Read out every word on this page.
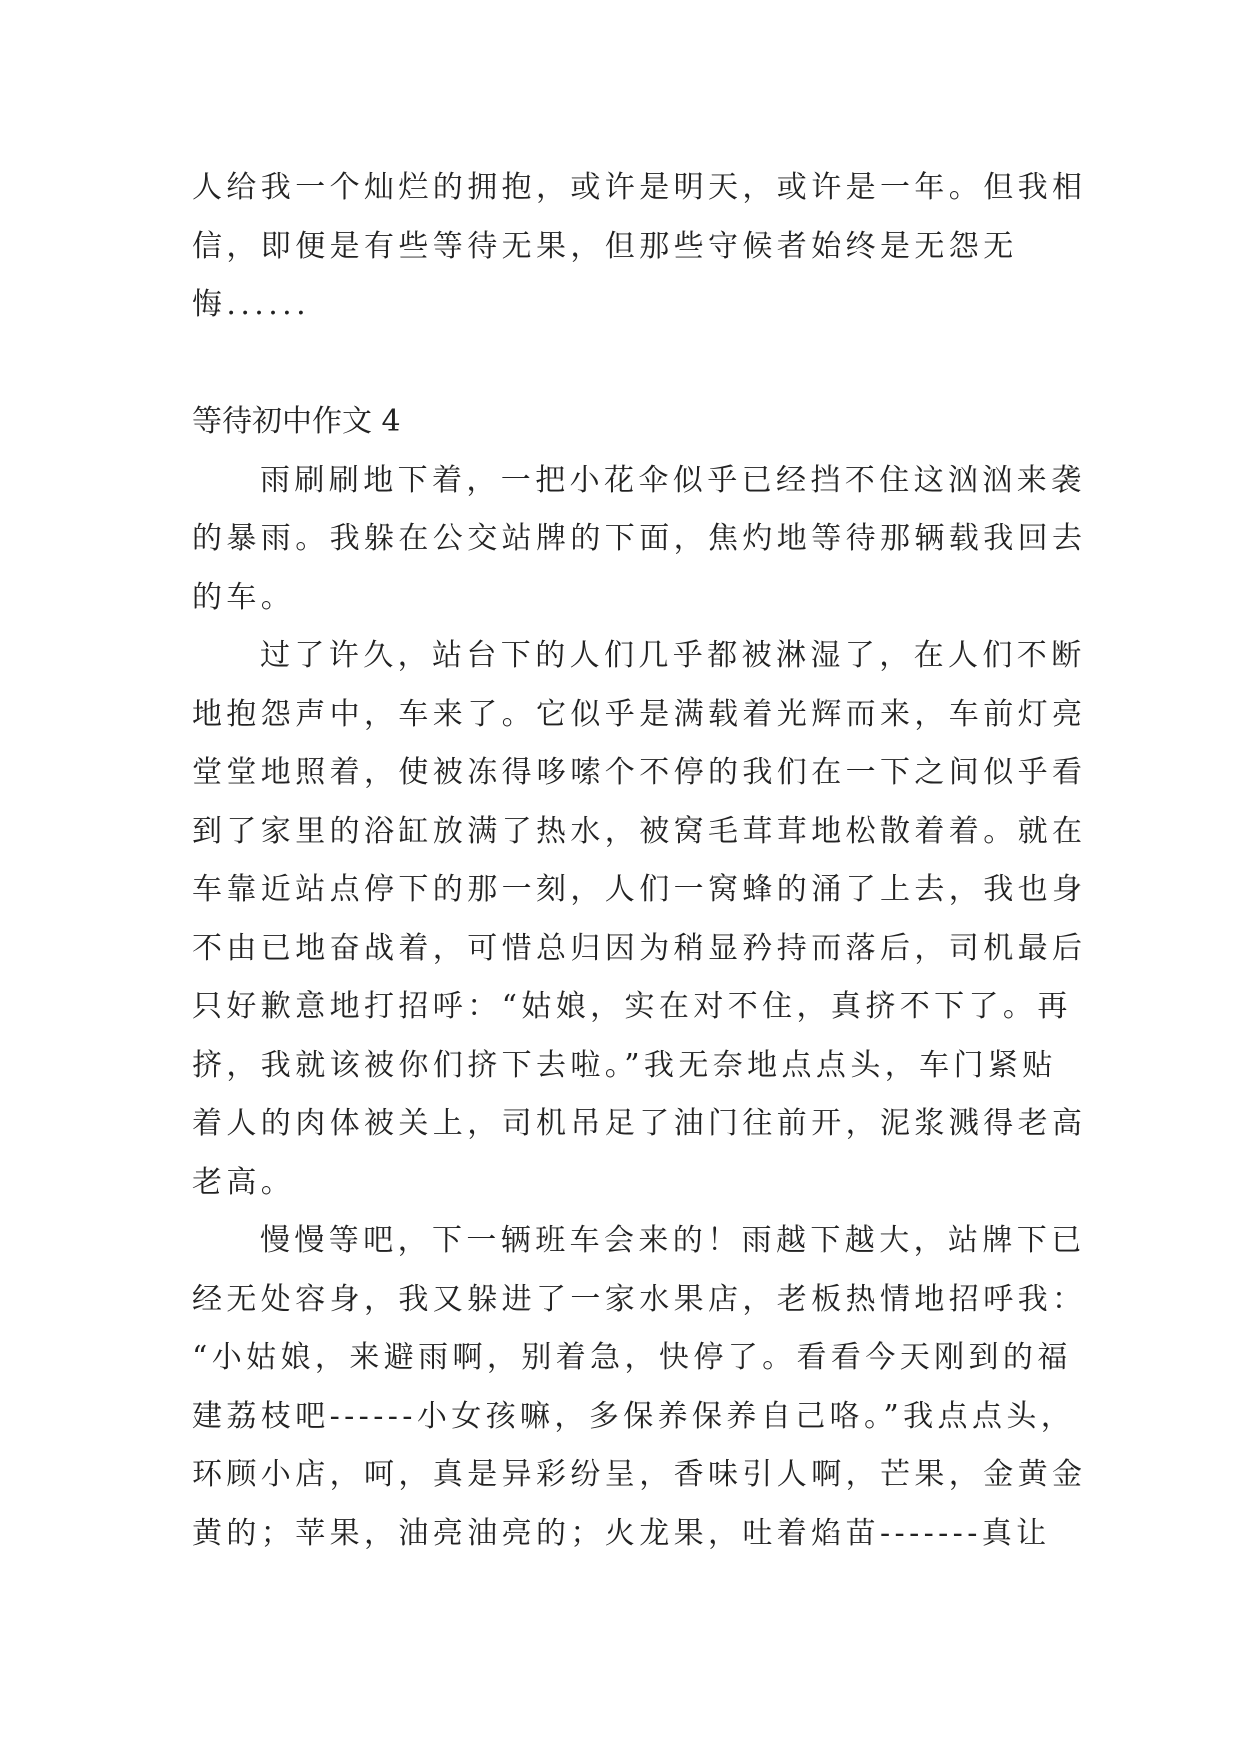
人给我一个灿烂的拥抱，或许是明天，或许是一年。但我相
信，即便是有些等待无果，但那些守候者始终是无怨无
悔......
等待初中作文 4
雨刷刷地下着，一把小花伞似乎已经挡不住这汹汹来袭
的暴雨。我躲在公交站牌的下面，焦灼地等待那辆载我回去
的车。
过了许久，站台下的人们几乎都被淋湿了，在人们不断
地抱怨声中，车来了。它似乎是满载着光辉而来，车前灯亮
堂堂地照着，使被冻得哆嗦个不停的我们在一下之间似乎看
到了家里的浴缸放满了热水，被窝毛茸茸地松散着着。就在
车靠近站点停下的那一刻，人们一窝蜂的涌了上去，我也身
不由已地奋战着，可惜总归因为稍显矜持而落后，司机最后
只好歉意地打招呼：“姑娘，实在对不住，真挤不下了。再
挤，我就该被你们挤下去啦。”我无奈地点点头，车门紧贴
着人的肉体被关上，司机吊足了油门往前开，泥浆溅得老高
老高。
慢慢等吧，下一辆班车会来的！雨越下越大，站牌下已
经无处容身，我又躲进了一家水果店，老板热情地招呼我：
“小姑娘，来避雨啊，别着急，快停了。看看今天刚到的福
建荔枝吧------小女孩嘛，多保养保养自己咯。”我点点头，
环顾小店，呵，真是异彩纷呈，香味引人啊，芒果，金黄金
黄的；苹果，油亮油亮的；火龙果，吐着焰苗-------真让
